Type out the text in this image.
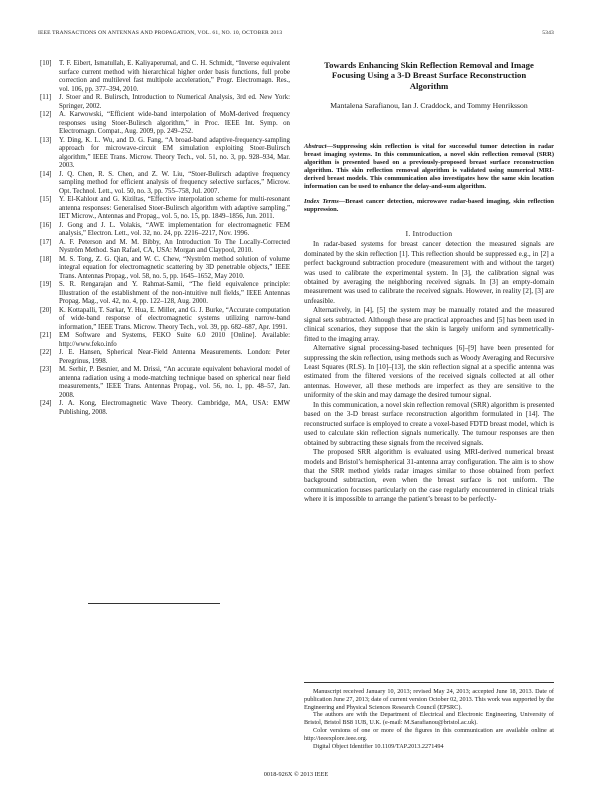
IEEE TRANSACTIONS ON ANTENNAS AND PROPAGATION, VOL. 61, NO. 10, OCTOBER 2013	5343
[10]	T. F. Eibert, Ismatullah, E. Kaliyaperumal, and C. H. Schmidt, “Inverse equivalent surface current method with hierarchical higher order basis functions, full probe correction and multilevel fast multipole acceleration,” Progr. Electromagn. Res., vol. 106, pp. 377–394, 2010.
[11]	J. Stoer and R. Bulirsch, Introduction to Numerical Analysis, 3rd ed. New York: Springer, 2002.
[12]	A. Karwowski, “Efficient wide-band interpolation of MoM-derived frequency responses using Stoer-Bulirsch algorithm,” in Proc. IEEE Int. Symp. on Electromagn. Compat., Aug. 2009, pp. 249–252.
[13]	Y. Ding, K. L. Wu, and D. G. Fang, “A broad-band adaptive-frequency-sampling approach for microwave-circuit EM simulation exploiting Stoer-Bulirsch algorithm,” IEEE Trans. Microw. Theory Tech., vol. 51, no. 3, pp. 928–934, Mar. 2003.
[14]	J. Q. Chen, R. S. Chen, and Z. W. Liu, “Stoer-Bulirsch adaptive frequency sampling method for efficient analysis of frequency selective surfaces,” Microw. Opt. Technol. Lett., vol. 50, no. 3, pp. 755–758, Jul. 2007.
[15]	Y. El-Kahlout and G. Kiziltas, “Effective interpolation scheme for multi-resonant antenna responses: Generalised Stoer-Bulirsch algorithm with adaptive sampling,” IET Microw., Antennas and Propag., vol. 5, no. 15, pp. 1849–1856, Jun. 2011.
[16]	J. Gong and J. L. Volakis, “AWE implementation for electromagnetic FEM analysis,” Electron. Lett., vol. 32, no. 24, pp. 2216–2217, Nov. 1996.
[17]	A. F. Peterson and M. M. Bibby, An Introduction To The Locally-Corrected Nyström Method. San Rafael, CA, USA: Morgan and Claypool, 2010.
[18]	M. S. Tong, Z. G. Qian, and W. C. Chew, “Nyström method solution of volume integral equation for electromagnetic scattering by 3D penetrable objects,” IEEE Trans. Antennas Propag., vol. 58, no. 5, pp. 1645–1652, May 2010.
[19]	S. R. Rengarajan and Y. Rahmat-Samii, “The field equivalence principle: Illustration of the establishment of the non-intuitive null fields,” IEEE Antennas Propag. Mag., vol. 42, no. 4, pp. 122–128, Aug. 2000.
[20]	K. Kottapalli, T. Sarkar, Y. Hua, E. Miller, and G. J. Burke, “Accurate computation of wide-band response of electromagnetic systems utilizing narrow-band information,” IEEE Trans. Microw. Theory Tech., vol. 39, pp. 682–687, Apr. 1991.
[21]	EM Software and Systems, FEKO Suite 6.0 2010 [Online]. Available: http://www.feko.info
[22]	J. E. Hansen, Spherical Near-Field Antenna Measurements. London: Peter Peregrinus, 1998.
[23]	M. Serhir, P. Besnier, and M. Drissi, “An accurate equivalent behavioral model of antenna radiation using a mode-matching technique based on spherical near field measurements,” IEEE Trans. Antennas Propag., vol. 56, no. 1, pp. 48–57, Jan. 2008.
[24]	J. A. Kong, Electromagnetic Wave Theory. Cambridge, MA, USA: EMW Publishing, 2008.
Towards Enhancing Skin Reflection Removal and Image Focusing Using a 3-D Breast Surface Reconstruction Algorithm
Mantalena Sarafianou, Ian J. Craddock, and Tommy Henriksson

Abstract—Suppressing skin reflection is vital for successful tumor detection in radar breast imaging systems. In this communication, a novel skin reflection removal (SRR) algorithm is presented based on a previously-proposed breast surface reconstruction algorithm. This skin reflection removal algorithm is validated using numerical MRI-derived breast models. This communication also investigates how the same skin location information can be used to enhance the delay-and-sum algorithm.

Index Terms—Breast cancer detection, microwave radar-based imaging, skin reflection suppression.

I. Introduction

In radar-based systems for breast cancer detection the measured signals are dominated by the skin reflection [1]. This reflection should be suppressed e.g., in [2] a perfect background subtraction procedure (measurement with and without the target) was used to calibrate the experimental system. In [3], the calibration signal was obtained by averaging the neighboring received signals. In [3] an empty-domain measurement was used to calibrate the received signals. However, in reality [2], [3] are unfeasible.

Alternatively, in [4], [5] the system may be manually rotated and the measured signal sets subtracted. Although these are practical approaches and [5] has been used in clinical scenarios, they suppose that the skin is largely uniform and symmetrically-fitted to the imaging array.

Alternative signal processing-based techniques [6]–[9] have been presented for suppressing the skin reflection, using methods such as Woody Averaging and Recursive Least Squares (RLS). In [10]–[13], the skin reflection signal at a specific antenna was estimated from the filtered versions of the received signals collected at all other antennas. However, all these methods are imperfect as they are sensitive to the uniformity of the skin and may damage the desired tumour signal.

In this communication, a novel skin reflection removal (SRR) algorithm is presented based on the 3-D breast surface reconstruction algorithm formulated in [14]. The reconstructed surface is employed to create a voxel-based FDTD breast model, which is used to calculate skin reflection signals numerically. The tumour responses are then obtained by subtracting these signals from the received signals.

The proposed SRR algorithm is evaluated using MRI-derived numerical breast models and Bristol’s hemispherical 31-antenna array configuration. The aim is to show that the SRR method yields radar images similar to those obtained from perfect background subtraction, even when the breast surface is not uniform. The communication focuses particularly on the case regularly encountered in clinical trials where it is impossible to arrange the patient’s breast to be perfectly-

Manuscript received January 10, 2013; revised May 24, 2013; accepted June 18, 2013. Date of publication June 27, 2013; date of current version October 02, 2013. This work was supported by the Engineering and Physical Sciences Research Council (EPSRC).

The authors are with the Department of Electrical and Electronic Engineering, University of Bristol, Bristol BS8 1UB, U.K. (e-mail: M.Sarafianou@bristol.ac.uk).

Color versions of one or more of the figures in this communication are available online at http://ieeexplore.ieee.org.

Digital Object Identifier 10.1109/TAP.2013.2271494

0018-926X © 2013 IEEE
